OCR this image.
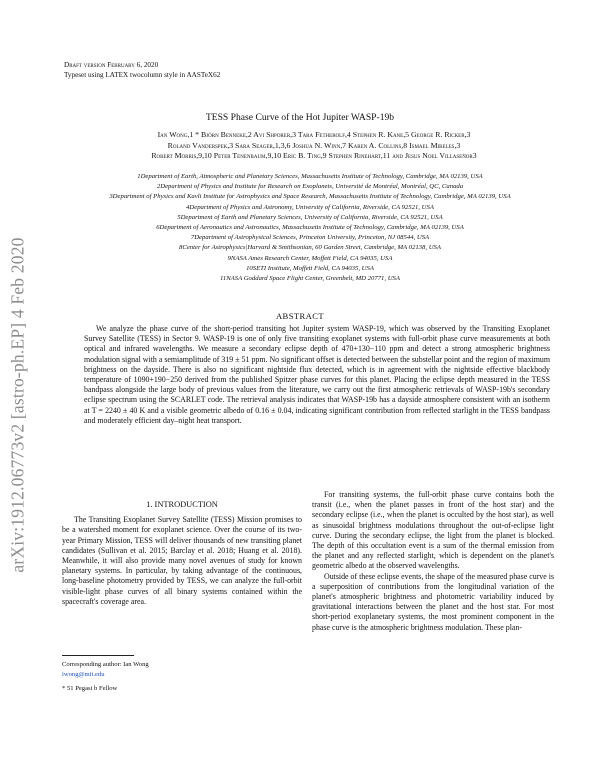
arXiv:1912.06773v2 [astro-ph.EP] 4 Feb 2020
Draft version February 6, 2020
Typeset using LATEX twocolumn style in AASTeX62
TESS Phase Curve of the Hot Jupiter WASP-19b
Ian Wong,1 * Björn Benneke,2 Avi Shporer,3 Tara Fetherolf,4 Stephen R. Kane,5 George R. Ricker,3
Roland Vanderspek,3 Sara Seager,1,3,6 Joshua N. Winn,7 Karen A. Collins,8 Ismael Mireles,3
Robert Morris,9,10 Peter Tenenbaum,9,10 Eric B. Ting,9 Stephen Rinehart,11 and Jesus Noel Villaseñor3
1Department of Earth, Atmospheric and Planetary Sciences, Massachusetts Institute of Technology, Cambridge, MA 02139, USA
2Department of Physics and Institute for Research on Exoplanets, Université de Montréal, Montréal, QC, Canada
3Department of Physics and Kavli Institute for Astrophysics and Space Research, Massachusetts Institute of Technology, Cambridge, MA 02139, USA
4Department of Physics and Astronomy, University of California, Riverside, CA 92521, USA
5Department of Earth and Planetary Sciences, University of California, Riverside, CA 92521, USA
6Department of Aeronautics and Astronautics, Massachusetts Institute of Technology, Cambridge, MA 02139, USA
7Department of Astrophysical Sciences, Princeton University, Princeton, NJ 08544, USA
8Center for Astrophysics|Harvard & Smithsonian, 60 Garden Street, Cambridge, MA 02138, USA
9NASA Ames Research Center, Moffett Field, CA 94035, USA
10SETI Institute, Moffett Field, CA 94035, USA
11NASA Goddard Space Flight Center, Greenbelt, MD 20771, USA
ABSTRACT
We analyze the phase curve of the short-period transiting hot Jupiter system WASP-19, which was observed by the Transiting Exoplanet Survey Satellite (TESS) in Sector 9. WASP-19 is one of only five transiting exoplanet systems with full-orbit phase curve measurements at both optical and infrared wavelengths. We measure a secondary eclipse depth of 470+130−110 ppm and detect a strong atmospheric brightness modulation signal with a semiamplitude of 319 ± 51 ppm. No significant offset is detected between the substellar point and the region of maximum brightness on the dayside. There is also no significant nightside flux detected, which is in agreement with the nightside effective blackbody temperature of 1090+190−250 derived from the published Spitzer phase curves for this planet. Placing the eclipse depth measured in the TESS bandpass alongside the large body of previous values from the literature, we carry out the first atmospheric retrievals of WASP-19b's secondary eclipse spectrum using the SCARLET code. The retrieval analysis indicates that WASP-19b has a dayside atmosphere consistent with an isotherm at T = 2240 ± 40 K and a visible geometric albedo of 0.16 ± 0.04, indicating significant contribution from reflected starlight in the TESS bandpass and moderately efficient day–night heat transport.
1. INTRODUCTION
The Transiting Exoplanet Survey Satellite (TESS) Mission promises to be a watershed moment for exoplanet science. Over the course of its two-year Primary Mission, TESS will deliver thousands of new transiting planet candidates (Sullivan et al. 2015; Barclay et al. 2018; Huang et al. 2018). Meanwhile, it will also provide many novel avenues of study for known planetary systems. In particular, by taking advantage of the continuous, long-baseline photometry provided by TESS, we can analyze the full-orbit visible-light phase curves of all binary systems contained within the spacecraft's coverage area.
For transiting systems, the full-orbit phase curve contains both the transit (i.e., when the planet passes in front of the host star) and the secondary eclipse (i.e., when the planet is occulted by the host star), as well as sinusoidal brightness modulations throughout the out-of-eclipse light curve. During the secondary eclipse, the light from the planet is blocked. The depth of this occultation event is a sum of the thermal emission from the planet and any reflected starlight, which is dependent on the planet's geometric albedo at the observed wavelengths.
Outside of these eclipse events, the shape of the measured phase curve is a superposition of contributions from the longitudinal variation of the planet's atmospheric brightness and photometric variability induced by gravitational interactions between the planet and the host star. For most short-period exoplanetary systems, the most prominent component in the phase curve is the atmospheric brightness modulation. These plan-
Corresponding author: Ian Wong
iwong@mit.edu
* 51 Pegasi b Fellow
